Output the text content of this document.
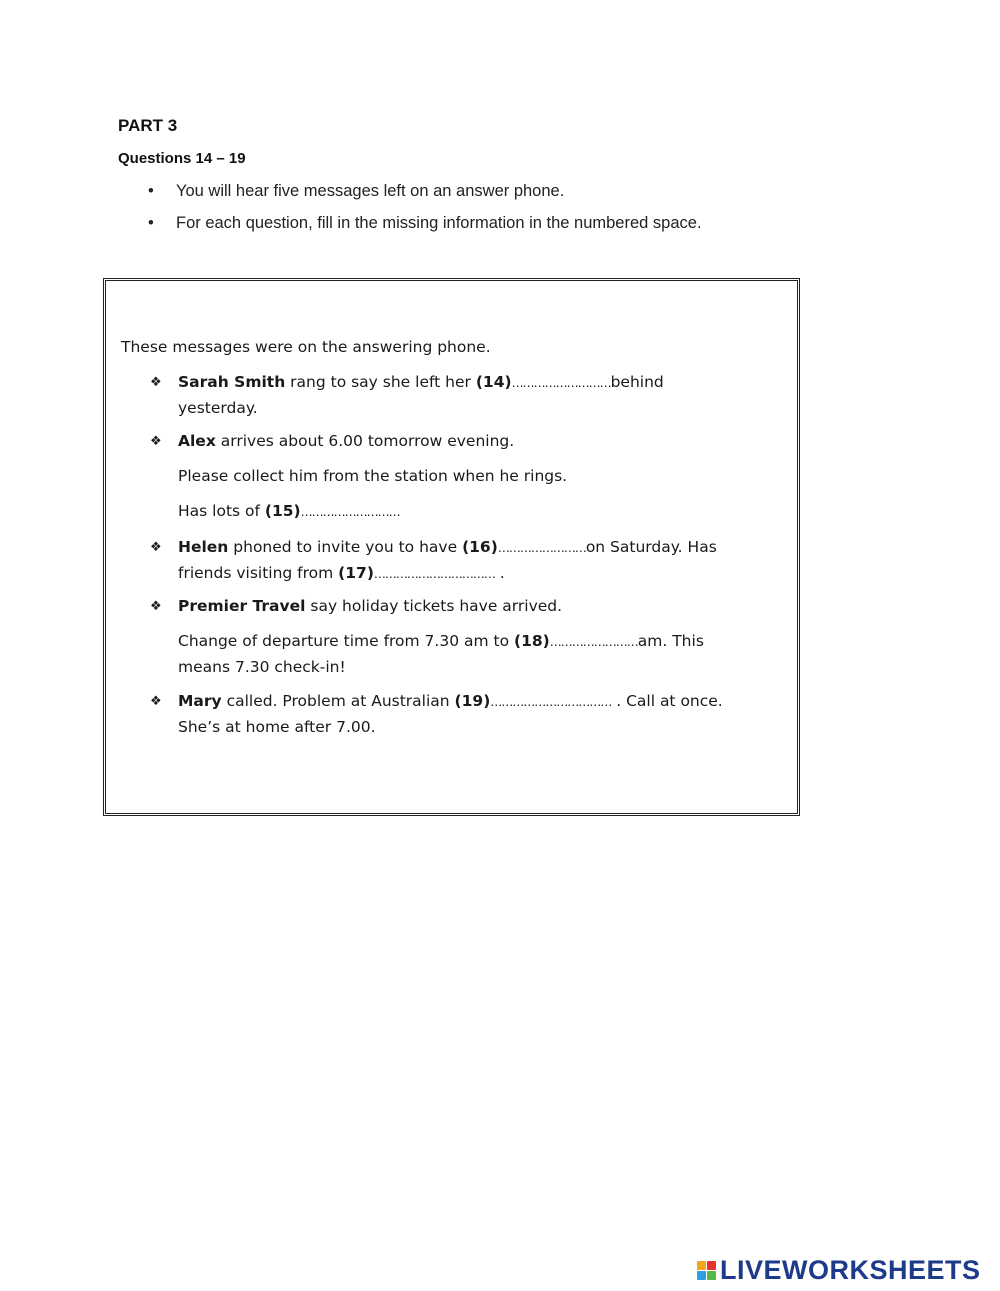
PART 3
Questions 14 – 19
• You will hear five messages left on an answer phone.
• For each question, fill in the missing information in the numbered space.
These messages were on the answering phone.
❖ Sarah Smith rang to say she left her (14)………………………behind
yesterday.
❖ Alex arrives about 6.00 tomorrow evening.
Please collect him from the station when he rings.
Has lots of (15)………………………
❖ Helen phoned to invite you to have (16)……………………on Saturday. Has
friends visiting from (17)…………………………… .
❖ Premier Travel say holiday tickets have arrived.
Change of departure time from 7.30 am to (18)……………………am. This
means 7.30 check-in!
❖ Mary called. Problem at Australian (19)…………………………… . Call at once.
She’s at home after 7.00.
LIVEWORKSHEETS
